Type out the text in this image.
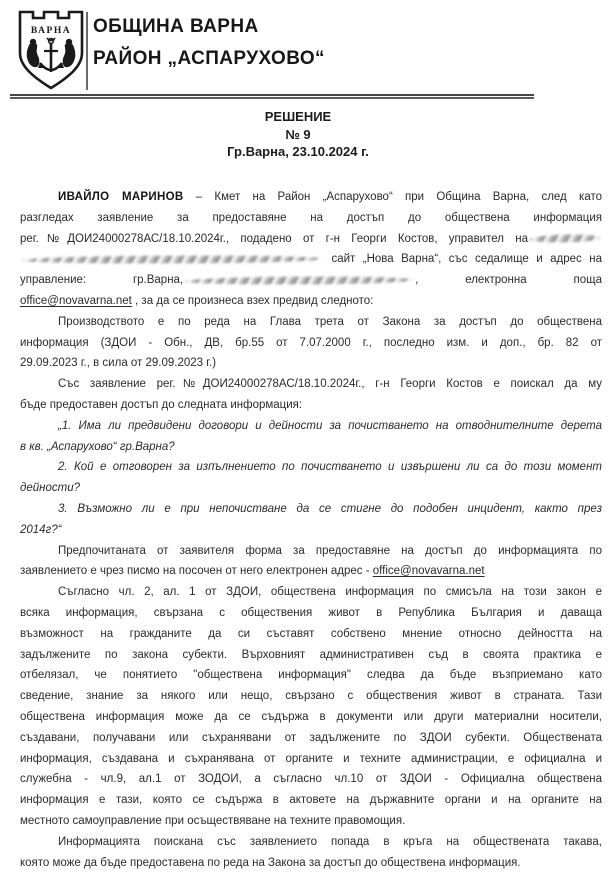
ВАРНА ОБЩИНА ВАРНА
РАЙОН „АСПАРУХОВО“
РЕШЕНИЕ
№ 9
Гр.Варна, 23.10.2024 г.
ИВАЙЛО МАРИНОВ – Кмет на Район „Аспарухово“ при Община Варна, след като
разгледах заявление за предоставяне на достъп до обществена информация
рег.№ДОИ24000278АС/18.10.2024г., подадено от г-н Георги Костов, управител на
сайт „Нова Варна“, със седалище и адрес на
управление: гр.Варна,	, електронна поща
office@novavarna.net , за да се произнеса взех предвид следното:
Производството е по реда на Глава трета от Закона за достъп до обществена
информация (ЗДОИ - Обн., ДВ, бр.55 от 7.07.2000 г., последно изм. и доп., бр. 82 от
29.09.2023 г., в сила от 29.09.2023 г.)
Със заявление рег.№ДОИ24000278АС/18.10.2024г., г-н Георги Костов е поискал да му
бъде предоставен достъп до следната информация:
„1. Има ли предвидени договори и дейности за почистването на отводнителните дерета
в кв. „Аспарухово“ гр.Варна?
2. Кой е отговорен за изпълнението по почистването и извършени ли са до този момент
дейности?
3. Възможно ли е при непочистване да се стигне до подобен инцидент, както през
2014г?“
Предпочитаната от заявителя форма за предоставяне на достъп до информацията по
заявлението е чрез писмо на посочен от него електронен адрес - office@novavarna.net
Съгласно чл. 2, ал. 1 от ЗДОИ, обществена информация по смисъла на този закон е
всяка информация, свързана с обществения живот в Република България и даваща
възможност на гражданите да си съставят собствено мнение относно дейността на
задължените по закона субекти. Върховният административен съд в своята практика е
отбелязал, че понятието "обществена информация" следва да бъде възприемано като
сведение, знание за някого или нещо, свързано с обществения живот в страната. Тази
обществена информация може да се съдържа в документи или други материални носители,
създавани, получавани или съхранявани от задължените по ЗДОИ субекти. Обществената
информация, създавана и съхранявана от органите и техните администрации, е официална и
служебна - чл.9, ал.1 от ЗОДОИ, а съгласно чл.10 от ЗДОИ - Официална обществена
информация е тази, която се съдържа в актовете на държавните органи и на органите на
местното самоуправление при осъществяване на техните правомощия.
Информацията поискана със заявлението попада в кръга на обществената такава,
която може да бъде предоставена по реда на Закона за достъп до обществена информация.
